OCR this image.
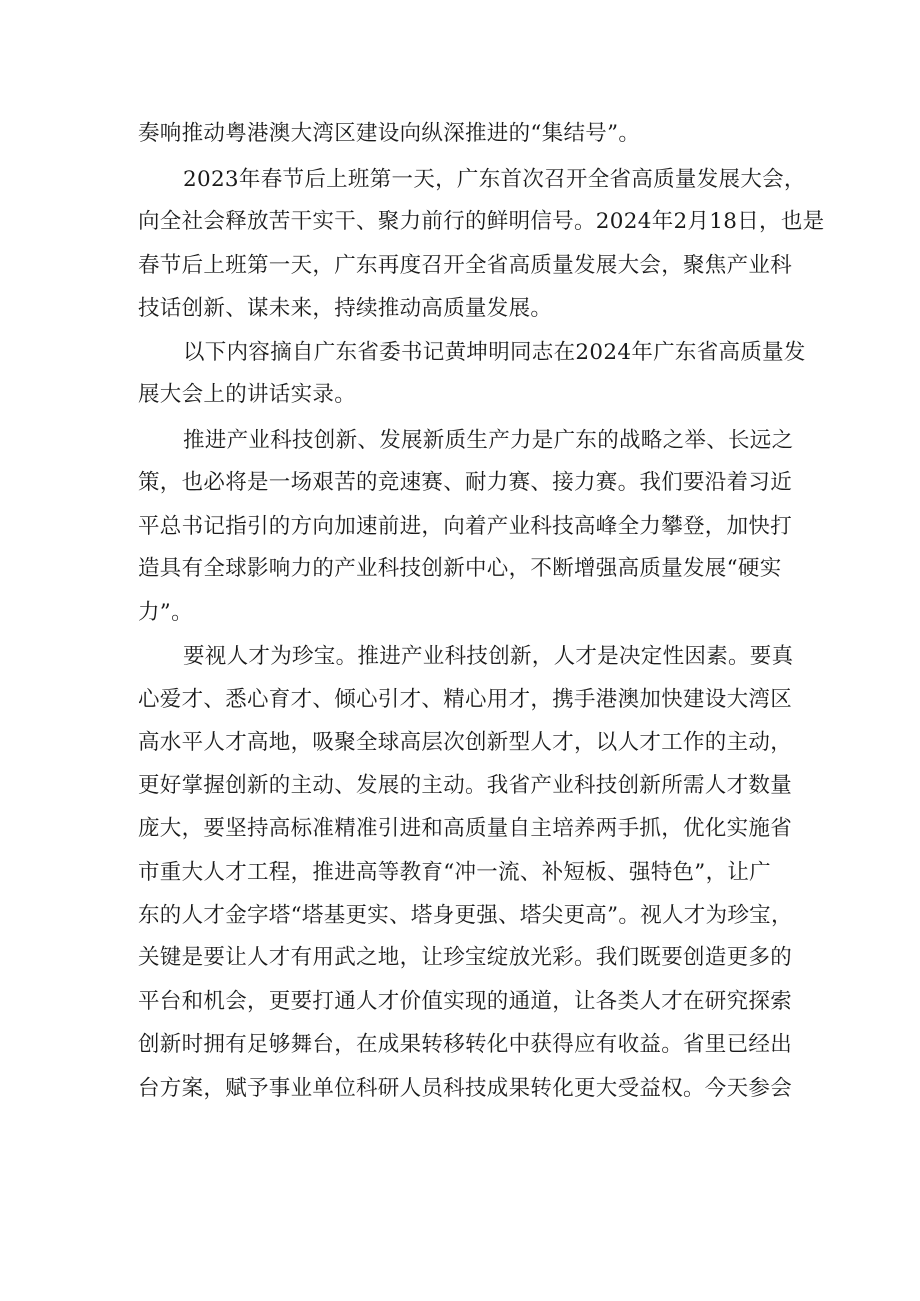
奏响推动粤港澳大湾区建设向纵深推进的“集结号”。
2023年春节后上班第一天，广东首次召开全省高质量发展大会，
向全社会释放苦干实干、聚力前行的鲜明信号。2024年2月18日，也是
春节后上班第一天，广东再度召开全省高质量发展大会，聚焦产业科
技话创新、谋未来，持续推动高质量发展。
以下内容摘自广东省委书记黄坤明同志在2024年广东省高质量发
展大会上的讲话实录。
推进产业科技创新、发展新质生产力是广东的战略之举、长远之
策，也必将是一场艰苦的竞速赛、耐力赛、接力赛。我们要沿着习近
平总书记指引的方向加速前进，向着产业科技高峰全力攀登，加快打
造具有全球影响力的产业科技创新中心，不断增强高质量发展“硬实
力”。
要视人才为珍宝。推进产业科技创新，人才是决定性因素。要真
心爱才、悉心育才、倾心引才、精心用才，携手港澳加快建设大湾区
高水平人才高地，吸聚全球高层次创新型人才，以人才工作的主动，
更好掌握创新的主动、发展的主动。我省产业科技创新所需人才数量
庞大，要坚持高标准精准引进和高质量自主培养两手抓，优化实施省
市重大人才工程，推进高等教育“冲一流、补短板、强特色”，让广
东的人才金字塔“塔基更实、塔身更强、塔尖更高”。视人才为珍宝，
关键是要让人才有用武之地，让珍宝绽放光彩。我们既要创造更多的
平台和机会，更要打通人才价值实现的通道，让各类人才在研究探索
创新时拥有足够舞台，在成果转移转化中获得应有收益。省里已经出
台方案，赋予事业单位科研人员科技成果转化更大受益权。今天参会
